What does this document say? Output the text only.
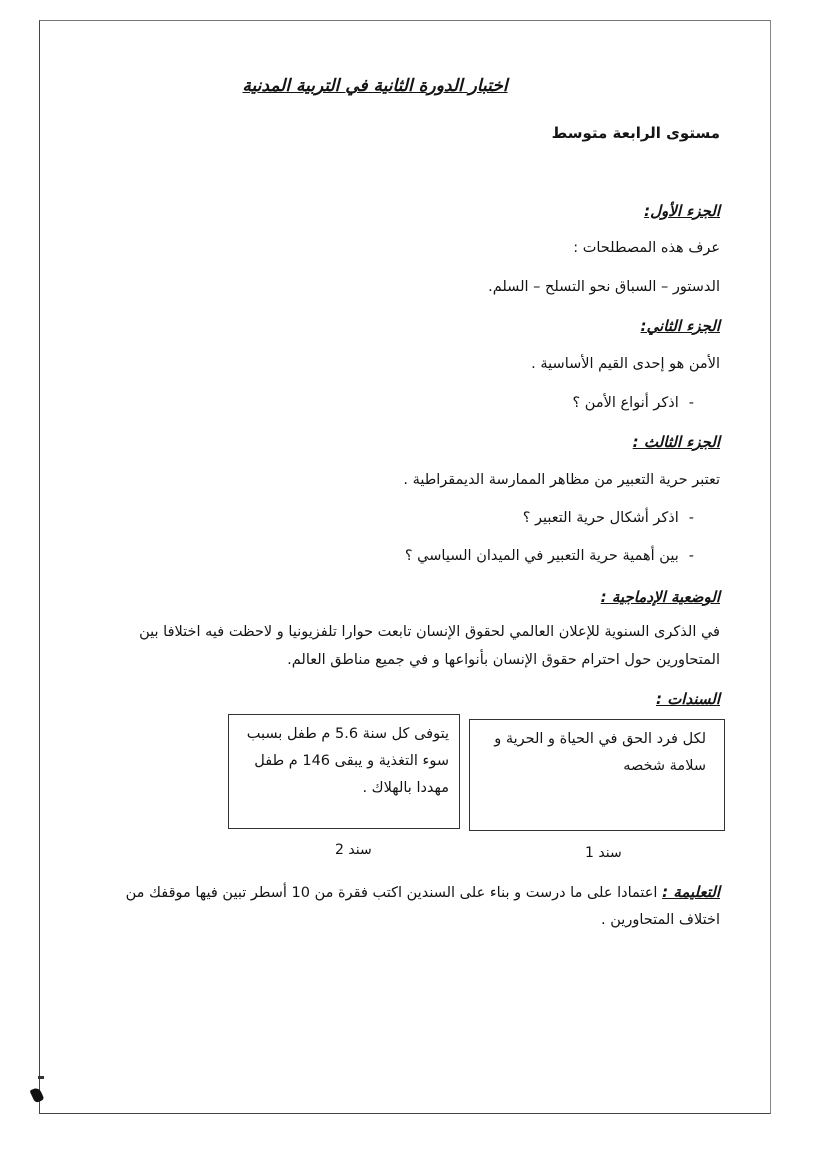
اختبار الدورة الثانية في التربية المدنية
مستوى الرابعة متوسط
الجزء الأول:
عرف هذه المصطلحات :
الدستور – السباق نحو التسلح – السلم.
الجزء الثاني:
الأمن هو إحدى القيم الأساسية .
-اذكر أنواع الأمن ؟
الجزء الثالث :
تعتبر حرية التعبير من مظاهر الممارسة الديمقراطية .
-اذكر أشكال حرية التعبير ؟
-بين أهمية حرية التعبير في الميدان السياسي ؟
الوضعية الإدماجية :
في الذكرى السنوية للإعلان العالمي لحقوق الإنسان تابعت حوارا تلفزيونيا و لاحظت فيه اختلافا بين
المتحاورين حول احترام حقوق الإنسان بأنواعها و في جميع مناطق العالم.
السندات :
لكل فرد الحق في الحياة و الحرية و سلامة شخصه
يتوفى كل سنة 5.6 م طفل بسبب سوء التغذية و يبقى 146 م طفل مهددا بالهلاك .
سند 1
سند 2
التعليمة : اعتمادا على ما درست و بناء على السندين اكتب فقرة من 10 أسطر تبين فيها موقفك من
اختلاف المتحاورين .
